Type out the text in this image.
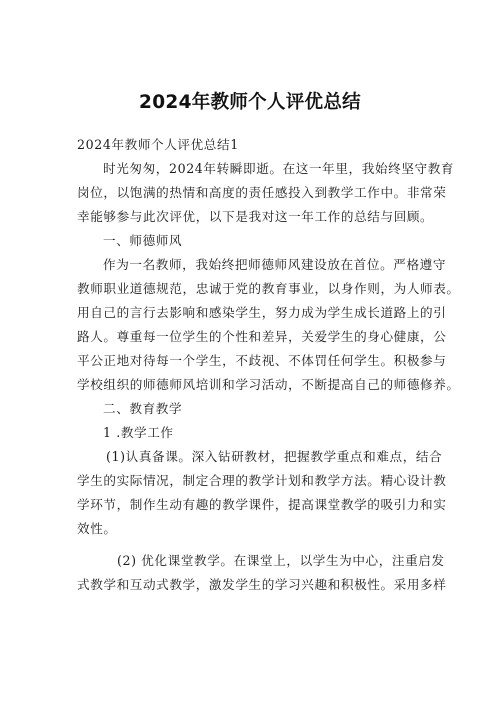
2024年教师个人评优总结
2024年教师个人评优总结1
时光匆匆，2024年转瞬即逝。在这一年里，我始终坚守教育
岗位，以饱满的热情和高度的责任感投入到教学工作中。非常荣
幸能够参与此次评优，以下是我对这一年工作的总结与回顾。
一、师德师风
作为一名教师，我始终把师德师风建设放在首位。严格遵守
教师职业道德规范，忠诚于党的教育事业，以身作则，为人师表。
用自己的言行去影响和感染学生，努力成为学生成长道路上的引
路人。尊重每一位学生的个性和差异，关爱学生的身心健康，公
平公正地对待每一个学生，不歧视、不体罚任何学生。积极参与
学校组织的师德师风培训和学习活动，不断提高自己的师德修养。
二、教育教学
1 .教学工作
(1)认真备课。深入钻研教材，把握教学重点和难点，结合
学生的实际情况，制定合理的教学计划和教学方法。精心设计教
学环节，制作生动有趣的教学课件，提高课堂教学的吸引力和实
效性。
(2) 优化课堂教学。在课堂上，以学生为中心，注重启发
式教学和互动式教学，激发学生的学习兴趣和积极性。采用多样
